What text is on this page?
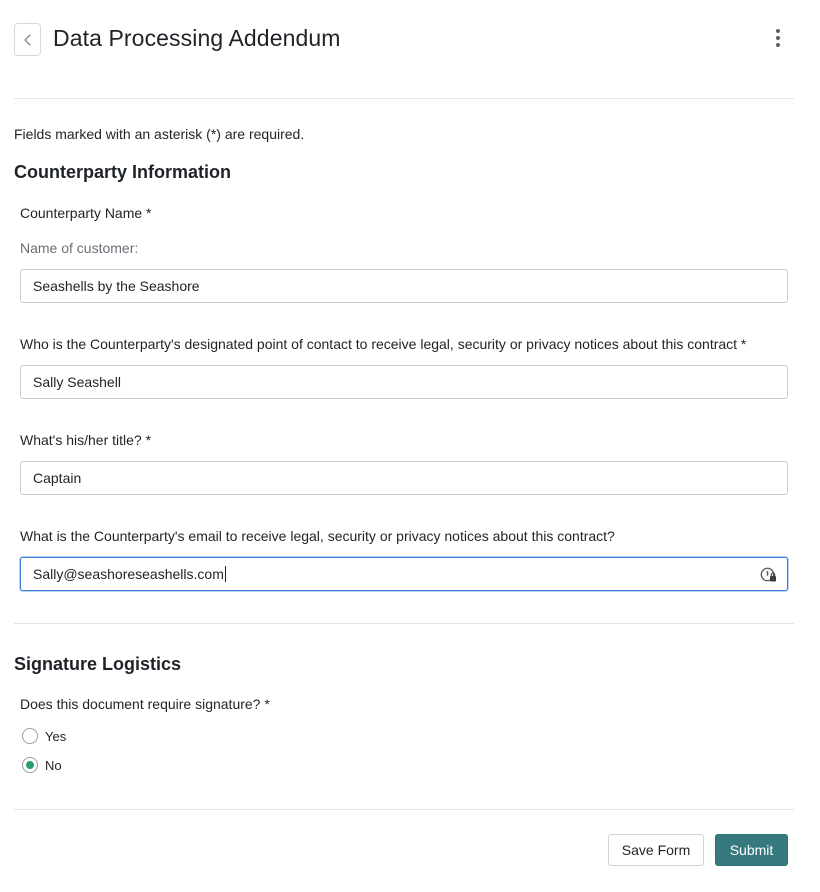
Data Processing Addendum
Fields marked with an asterisk (*) are required.
Counterparty Information
Counterparty Name *
Name of customer:
Seashells by the Seashore
Who is the Counterparty's designated point of contact to receive legal, security or privacy notices about this contract *
Sally Seashell
What's his/her title? *
Captain
What is the Counterparty's email to receive legal, security or privacy notices about this contract?
Sally@seashoreseashells.com
Signature Logistics
Does this document require signature? *
Yes
No
Save Form	Submit
